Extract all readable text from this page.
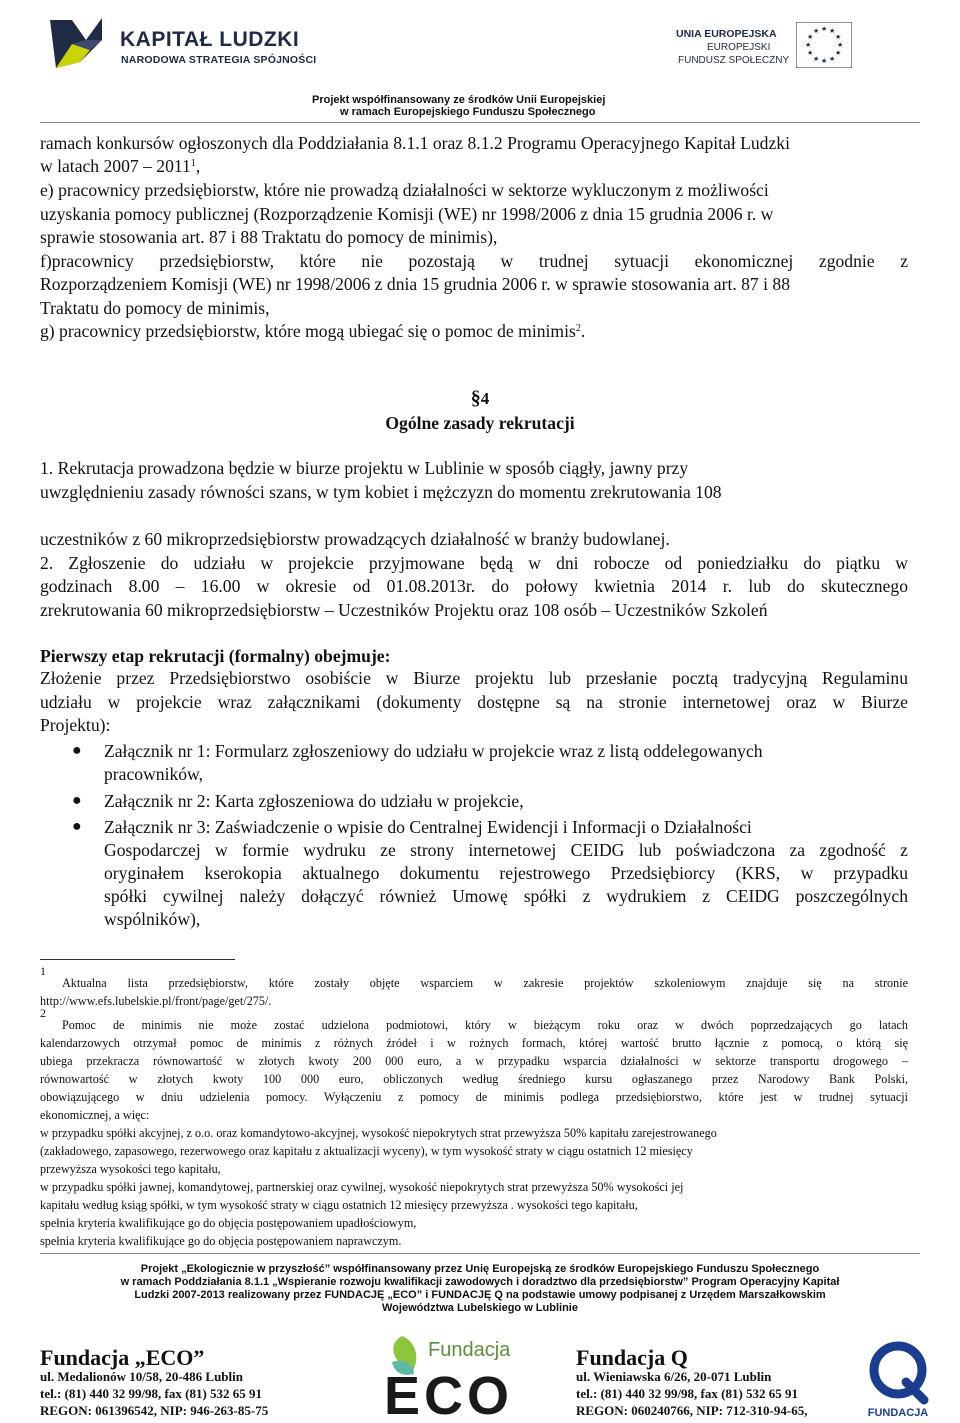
KAPITAŁ LUDZKI
NARODOWA STRATEGIA SPÓJNOŚCI
UNIA EUROPEJSKA
EUROPEJSKI
FUNDUSZ SPOŁECZNY
★ ★
★
★
★
★
★
★
★
★
★
★
Projekt współfinansowany ze środków Unii Europejskiej
w ramach Europejskiego Funduszu Społecznego
ramach konkursów ogłoszonych dla Poddziałania 8.1.1 oraz 8.1.2 Programu Operacyjnego Kapitał Ludzki
w latach 2007 – 2011$^1$,
e) pracownicy przedsiębiorstw, które nie prowadzą działalności w sektorze wykluczonym z możliwości
uzyskania pomocy publicznej (Rozporządzenie Komisji (WE) nr 1998/2006 z dnia 15 grudnia 2006 r. w
sprawie stosowania art. 87 i 88 Traktatu do pomocy de minimis),
f)pracownicy przedsiębiorstw, które nie pozostają w trudnej sytuacji ekonomicznej zgodnie z
Rozporządzeniem Komisji (WE) nr 1998/2006 z dnia 15 grudnia 2006 r. w sprawie stosowania art. 87 i 88
Traktatu do pomocy de minimis,
g) pracownicy przedsiębiorstw, które mogą ubiegać się o pomoc de minimis$^2$.
§4
Ogólne zasady rekrutacji
1. Rekrutacja prowadzona będzie w biurze projektu w Lublinie w sposób ciągły, jawny przy
uwzględnieniu zasady równości szans, w tym kobiet i mężczyzn do momentu zrekrutowania 108
uczestników z 60 mikroprzedsiębiorstw prowadzących działalność w branży budowlanej.
2. Zgłoszenie do udziału w projekcie przyjmowane będą w dni robocze od poniedziałku do piątku w
godzinach 8.00 – 16.00 w okresie od 01.08.2013r. do połowy kwietnia 2014 r. lub do skutecznego
zrekrutowania 60 mikroprzedsiębiorstw – Uczestników Projektu oraz 108 osób – Uczestników Szkoleń
Pierwszy etap rekrutacji (formalny) obejmuje:
Złożenie przez Przedsiębiorstwo osobiście w Biurze projektu lub przesłanie pocztą tradycyjną Regulaminu
udziału w projekcie wraz załącznikami (dokumenty dostępne są na stronie internetowej oraz w Biurze
Projektu):
● Załącznik nr 1: Formularz zgłoszeniowy do udziału w projekcie wraz z listą oddelegowanych
pracowników,
● Załącznik nr 2: Karta zgłoszeniowa do udziału w projekcie,
● Załącznik nr 3: Zaświadczenie o wpisie do Centralnej Ewidencji i Informacji o Działalności
Gospodarczej w formie wydruku ze strony internetowej CEIDG lub poświadczona za zgodność z
oryginałem kserokopia aktualnego dokumentu rejestrowego Przedsiębiorcy (KRS, w przypadku
spółki cywilnej należy dołączyć również Umowę spółki z wydrukiem z CEIDG poszczególnych
wspólników),
1
Aktualna lista przedsiębiorstw, które zostały objęte wsparciem w zakresie projektów szkoleniowym znajduje się na stronie
http://www.efs.lubelskie.pl/front/page/get/275/.
2
Pomoc de minimis nie może zostać udzielona podmiotowi, który w bieżącym roku oraz w dwóch poprzedzających go latach
kalendarzowych otrzymał pomoc de minimis z różnych źródeł i w rożnych formach, której wartość brutto łącznie z pomocą, o którą się
ubiega przekracza równowartość w złotych kwoty 200 000 euro, a w przypadku wsparcia działalności w sektorze transportu drogowego –
równowartość w złotych kwoty 100 000 euro, obliczonych według średniego kursu ogłaszanego przez Narodowy Bank Polski,
obowiązującego w dniu udzielenia pomocy. Wyłączeniu z pomocy de minimis podlega przedsiębiorstwo, które jest w trudnej sytuacji
ekonomicznej, a więc:
w przypadku spółki akcyjnej, z o.o. oraz komandytowo-akcyjnej, wysokość niepokrytych strat przewyższa 50% kapitału zarejestrowanego
(zakładowego, zapasowego, rezerwowego oraz kapitału z aktualizacji wyceny), w tym wysokość straty w ciągu ostatnich 12 miesięcy
przewyższa wysokości tego kapitału,
w przypadku spółki jawnej, komandytowej, partnerskiej oraz cywilnej, wysokość niepokrytych strat przewyższa 50% wysokości jej
kapitału według ksiąg spółki, w tym wysokość straty w ciągu ostatnich 12 miesięcy przewyższa . wysokości tego kapitału,
spełnia kryteria kwalifikujące go do objęcia postępowaniem upadłościowym,
spełnia kryteria kwalifikujące go do objęcia postępowaniem naprawczym.
Projekt „Ekologicznie w przyszłość” współfinansowany przez Unię Europejską ze środków Europejskiego Funduszu Społecznego
w ramach Poddziałania 8.1.1 „Wspieranie rozwoju kwalifikacji zawodowych i doradztwo dla przedsiębiorstw” Program Operacyjny Kapitał
Ludzki 2007-2013 realizowany przez FUNDACJĘ „ECO” i FUNDACJĘ Q na podstawie umowy podpisanej z Urzędem Marszałkowskim
Województwa Lubelskiego w Lublinie
Fundacja „ECO”
ul. Medalionów 10/58, 20-486 Lublin
tel.: (81) 440 32 99/98, fax (81) 532 65 91
REGON: 061396542, NIP: 946-263-85-75
Fundacja
ECO
Fundacja Q
ul. Wieniawska 6/26, 20-071 Lublin
tel.: (81) 440 32 99/98, fax (81) 532 65 91
REGON: 060240766, NIP: 712-310-94-65,	FUNDACJA
